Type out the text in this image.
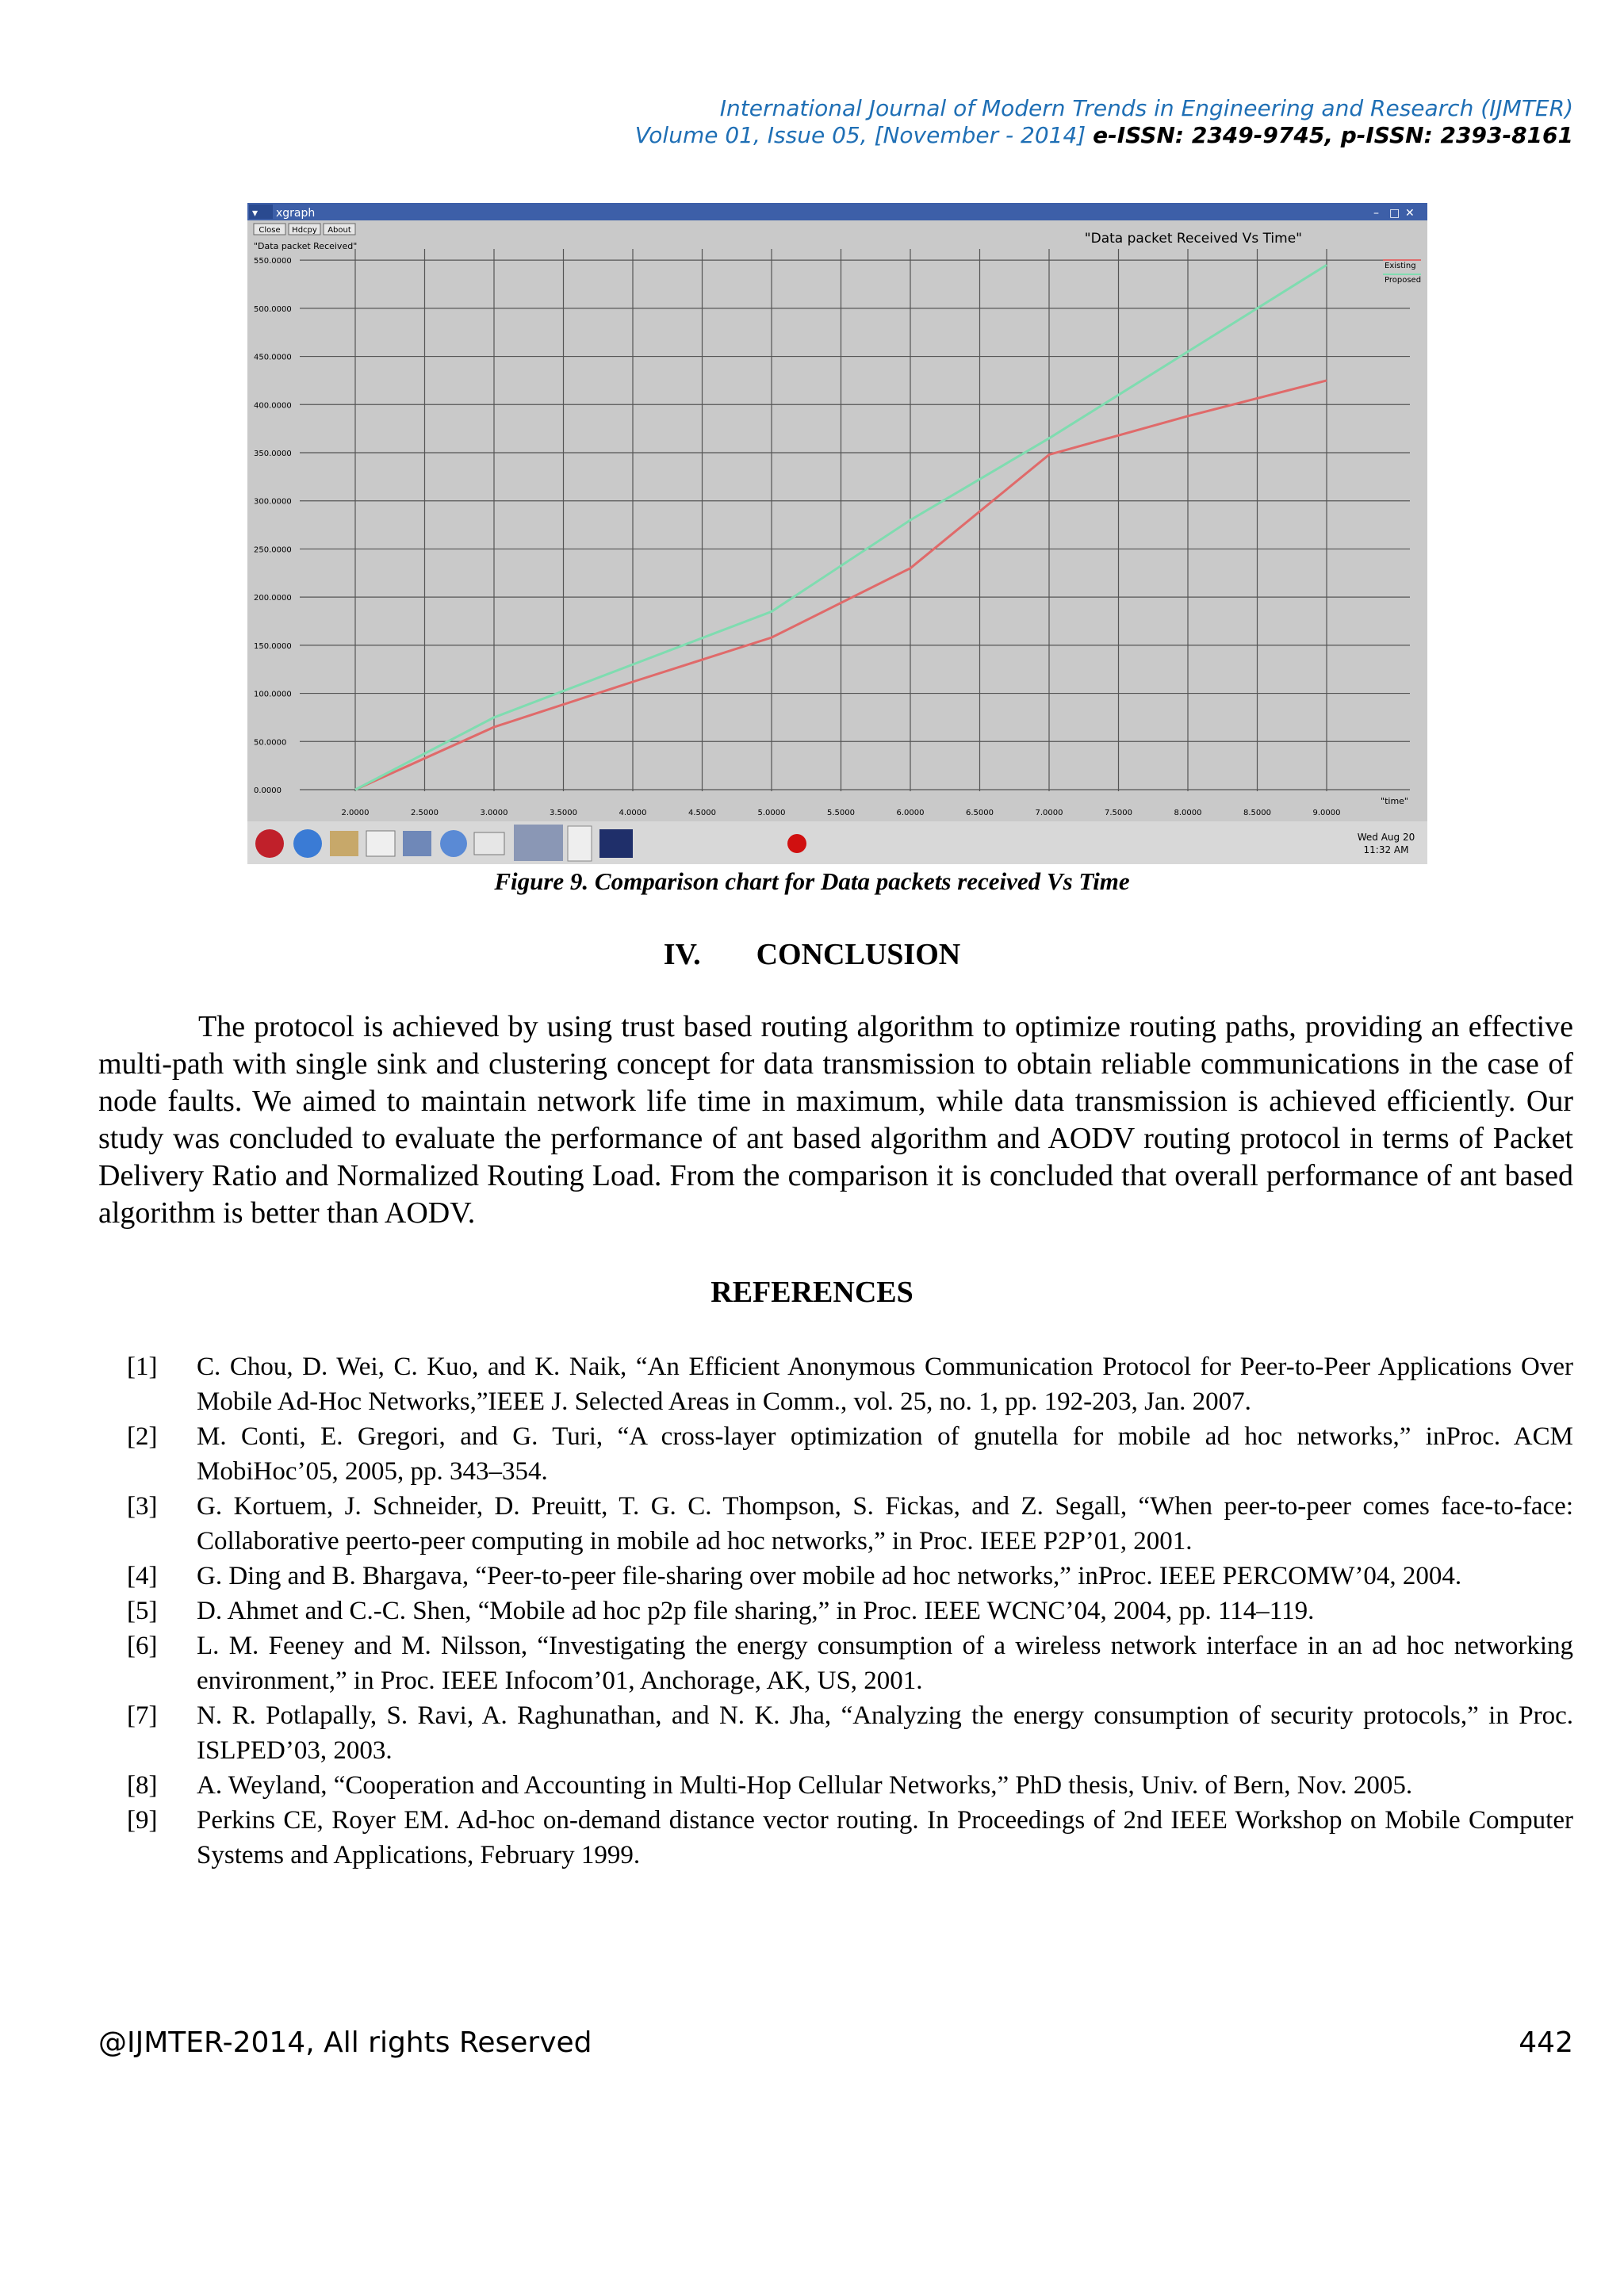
International Journal of Modern Trends in Engineering and Research (IJMTER)
Volume 01, Issue 05, [November - 2014] e-ISSN: 2349-9745, p-ISSN: 2393-8161
▾ xgraph	– □ ✕
Close Hdcpy About
"Data packet Received"	"Data packet Received Vs Time"
0.0000
50.0000
100.0000
150.0000
200.0000
250.0000
300.0000
350.0000
400.0000
450.0000
500.0000
550.0000
2.0000	2.5000	3.0000	3.5000	4.0000	4.5000	5.0000	5.5000	6.0000	6.5000	7.0000	7.5000	8.0000	8.5000	9.0000
Existing
Proposed
"time"
Wed Aug 20
11:32 AM
Figure 9. Comparison chart for Data packets received Vs Time
IV. CONCLUSION
The protocol is achieved by using trust based routing algorithm to optimize routing paths, providing an effective multi-path with single sink and clustering concept for data transmission to obtain reliable communications in the case of node faults. We aimed to maintain network life time in maximum, while data transmission is achieved efficiently. Our study was concluded to evaluate the performance of ant based algorithm and AODV routing protocol in terms of Packet Delivery Ratio and Normalized Routing Load. From the comparison it is concluded that overall performance of ant based algorithm is better than AODV.
REFERENCES
[1]	C. Chou, D. Wei, C. Kuo, and K. Naik, “An Efficient Anonymous Communication Protocol for Peer-to-Peer Applications Over Mobile Ad-Hoc Networks,”IEEE J. Selected Areas in Comm., vol. 25, no. 1, pp. 192-203, Jan. 2007.
[2]	M. Conti, E. Gregori, and G. Turi, “A cross-layer optimization of gnutella for mobile ad hoc networks,” inProc. ACM MobiHoc’05, 2005, pp. 343–354.
[3]	G. Kortuem, J. Schneider, D. Preuitt, T. G. C. Thompson, S. Fickas, and Z. Segall, “When peer-to-peer comes face-to-face: Collaborative peerto-peer computing in mobile ad hoc networks,” in Proc. IEEE P2P’01, 2001.
[4]	G. Ding and B. Bhargava, “Peer-to-peer file-sharing over mobile ad hoc networks,” inProc. IEEE PERCOMW’04, 2004.
[5]	D. Ahmet and C.-C. Shen, “Mobile ad hoc p2p file sharing,” in Proc. IEEE WCNC’04, 2004, pp. 114–119.
[6]	L. M. Feeney and M. Nilsson, “Investigating the energy consumption of a wireless network interface in an ad hoc networking environment,” in Proc. IEEE Infocom’01, Anchorage, AK, US, 2001.
[7]	N. R. Potlapally, S. Ravi, A. Raghunathan, and N. K. Jha, “Analyzing the energy consumption of security protocols,” in Proc. ISLPED’03, 2003.
[8]	A. Weyland, “Cooperation and Accounting in Multi-Hop Cellular Networks,” PhD thesis, Univ. of Bern, Nov. 2005.
[9]	Perkins CE, Royer EM. Ad-hoc on-demand distance vector routing. In Proceedings of 2nd IEEE Workshop on Mobile Computer Systems and Applications, February 1999.
@IJMTER-2014, All rights Reserved	442
